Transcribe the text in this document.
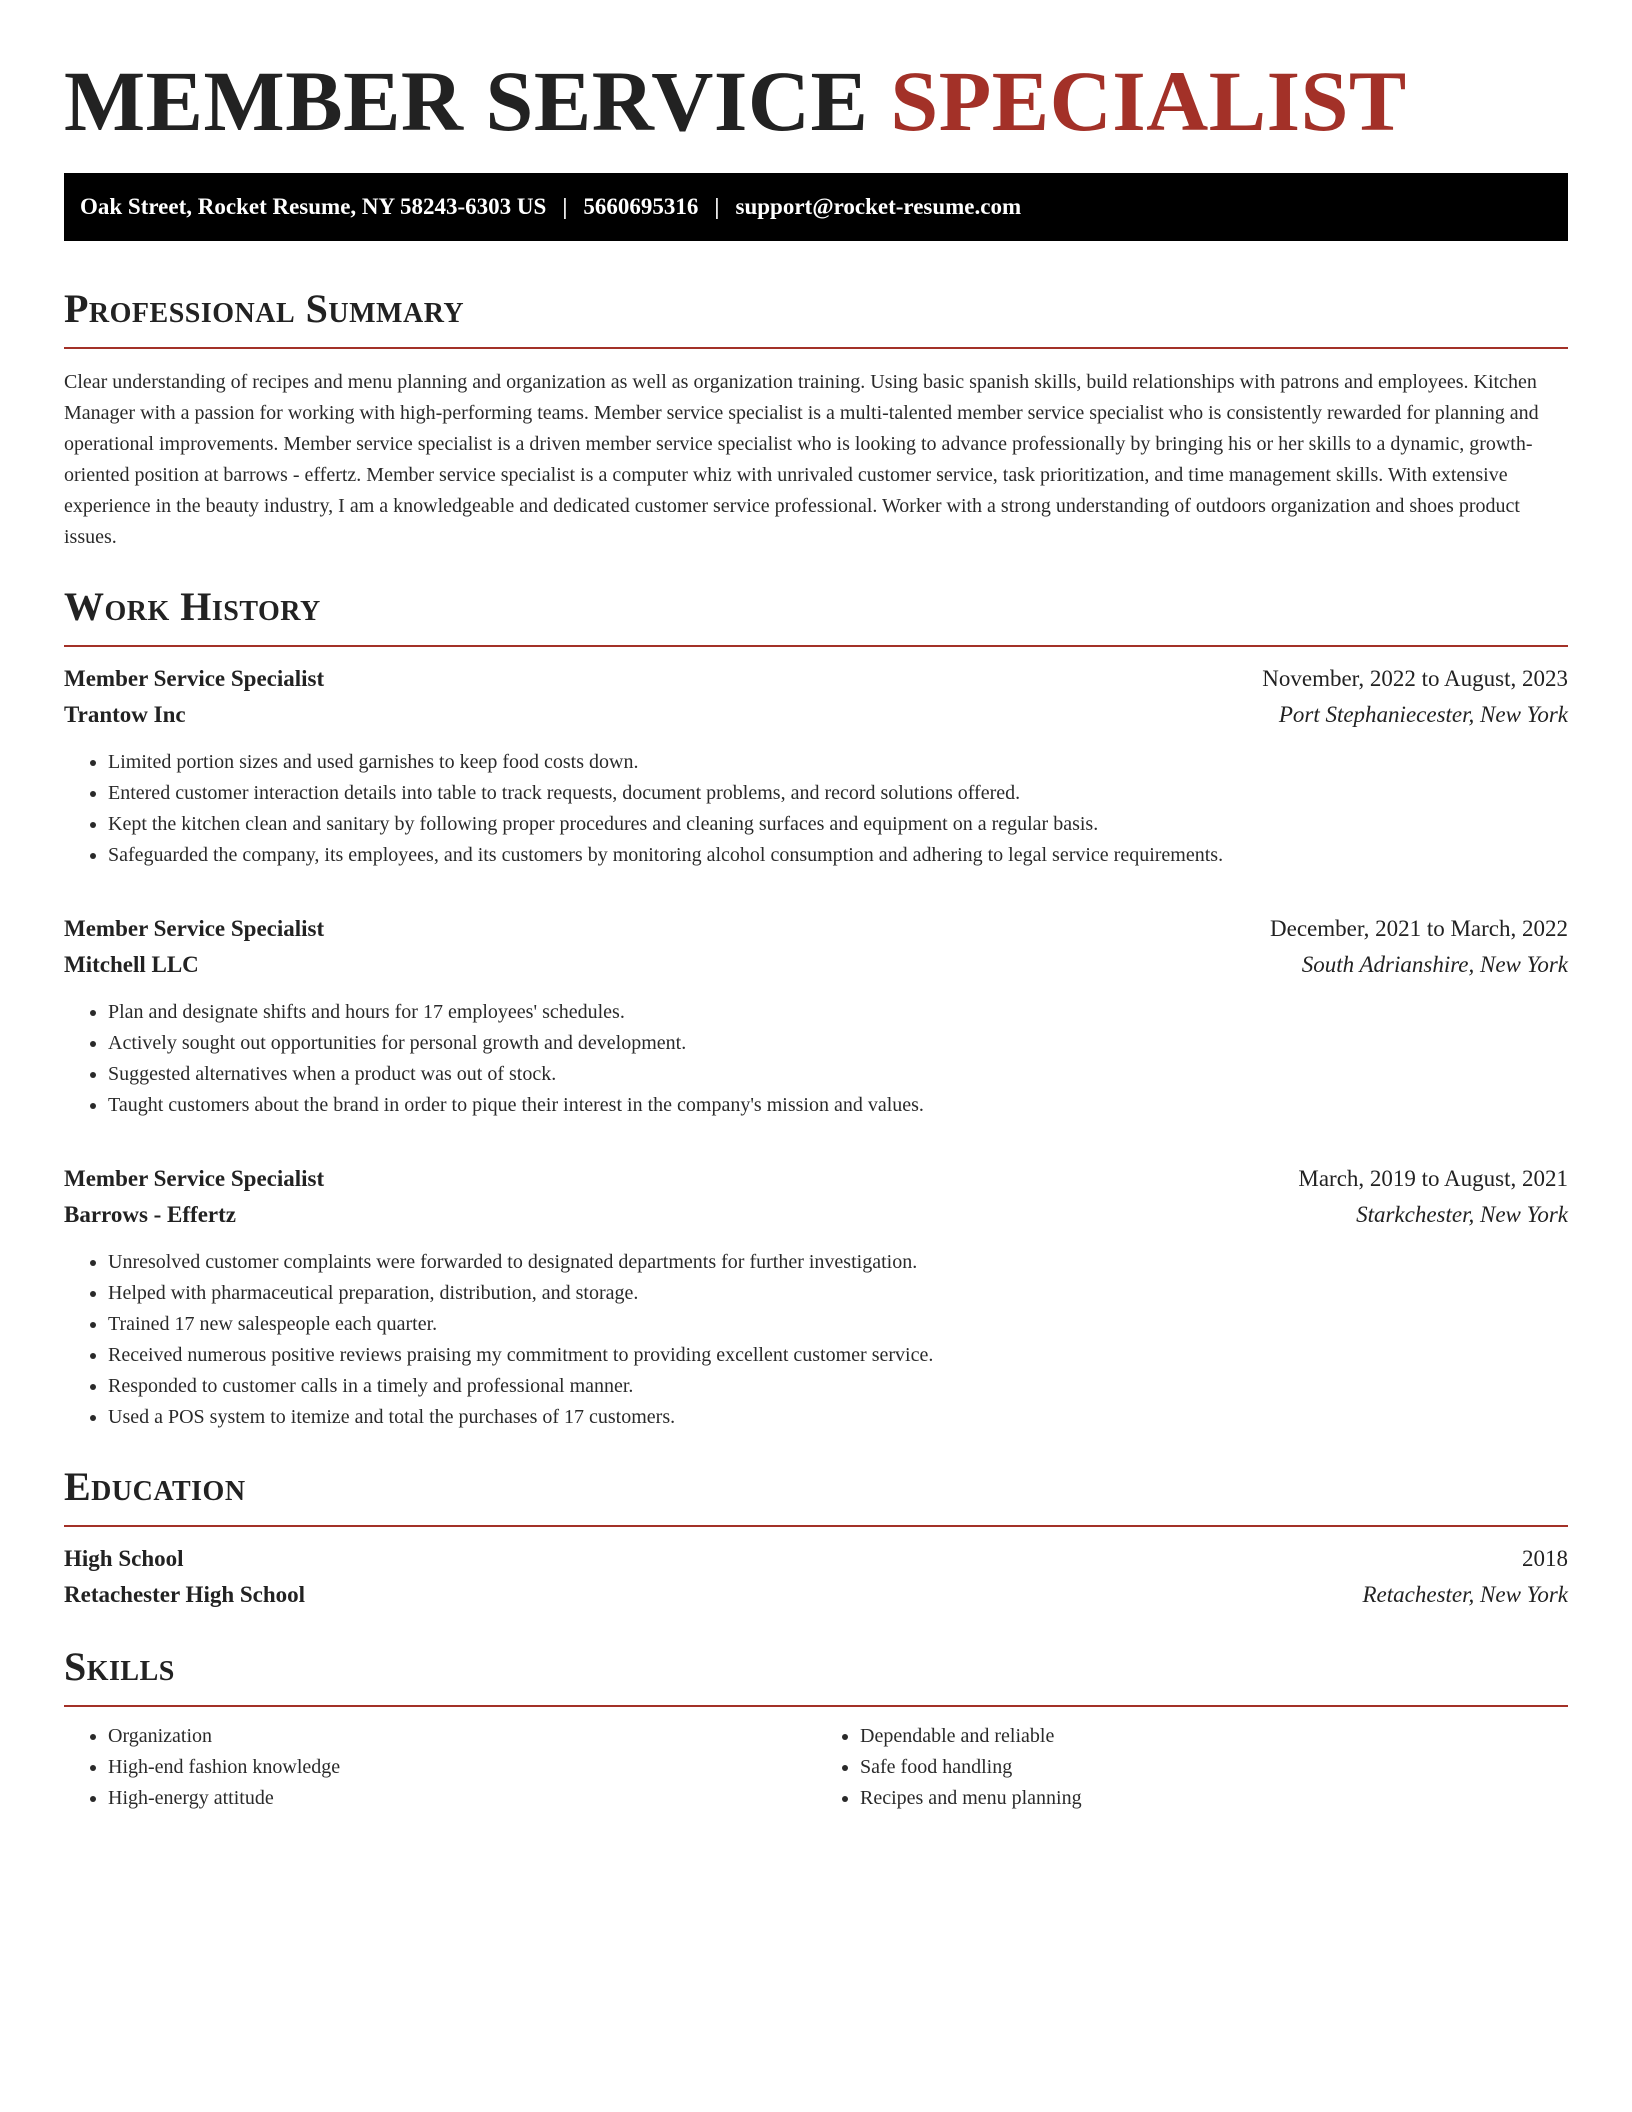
MEMBER SERVICE SPECIALIST
Oak Street, Rocket Resume, NY 58243-6303 US | 5660695316 | support@rocket-resume.com
Professional Summary

Clear understanding of recipes and menu planning and organization as well as organization training. Using basic spanish skills, build relationships with patrons and employees. Kitchen Manager with a passion for working with high-performing teams. Member service specialist is a multi-talented member service specialist who is consistently rewarded for planning and operational improvements. Member service specialist is a driven member service specialist who is looking to advance professionally by bringing his or her skills to a dynamic, growth-oriented position at barrows - effertz. Member service specialist is a computer whiz with unrivaled customer service, task prioritization, and time management skills. With extensive experience in the beauty industry, I am a knowledgeable and dedicated customer service professional. Worker with a strong understanding of outdoors organization and shoes product issues.

Work History
Member Service Specialist	November, 2022 to August, 2023
Trantow Inc	Port Stephaniecester, New York
• Limited portion sizes and used garnishes to keep food costs down.
• Entered customer interaction details into table to track requests, document problems, and record solutions offered.
• Kept the kitchen clean and sanitary by following proper procedures and cleaning surfaces and equipment on a regular basis.
• Safeguarded the company, its employees, and its customers by monitoring alcohol consumption and adhering to legal service requirements.
Member Service Specialist	December, 2021 to March, 2022
Mitchell LLC	South Adrianshire, New York
• Plan and designate shifts and hours for 17 employees' schedules.
• Actively sought out opportunities for personal growth and development.
• Suggested alternatives when a product was out of stock.
• Taught customers about the brand in order to pique their interest in the company's mission and values.
Member Service Specialist	March, 2019 to August, 2021
Barrows - Effertz	Starkchester, New York
• Unresolved customer complaints were forwarded to designated departments for further investigation.
• Helped with pharmaceutical preparation, distribution, and storage.
• Trained 17 new salespeople each quarter.
• Received numerous positive reviews praising my commitment to providing excellent customer service.
• Responded to customer calls in a timely and professional manner.
• Used a POS system to itemize and total the purchases of 17 customers.
Education
High School	2018
Retachester High School	Retachester, New York
Skills
• Organization
• High-end fashion knowledge
• High-energy attitude
• Dependable and reliable
• Safe food handling
• Recipes and menu planning
